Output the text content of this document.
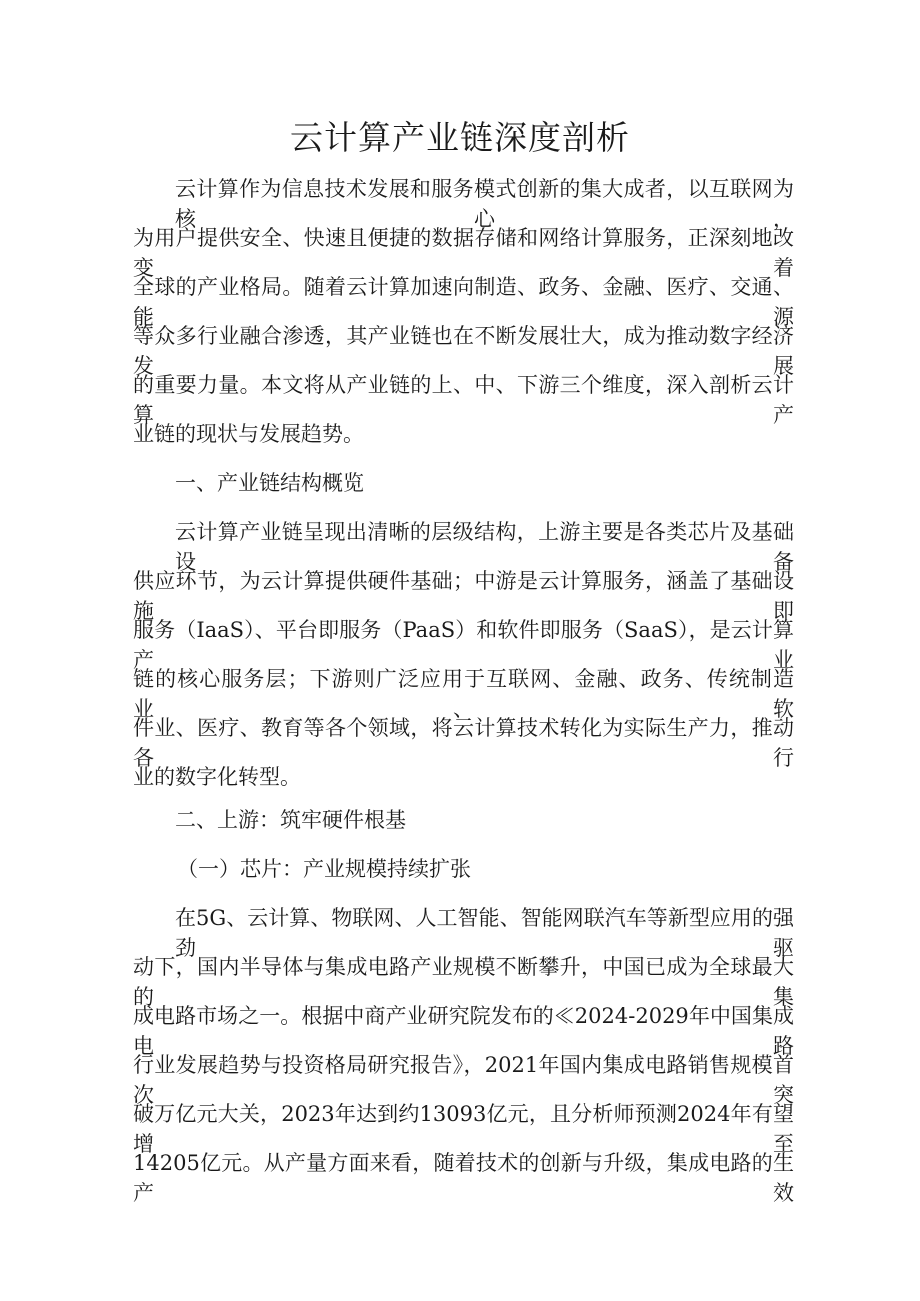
云计算产业链深度剖析

云计算作为信息技术发展和服务模式创新的集大成者，以互联网为核心，

为用户提供安全、快速且便捷的数据存储和网络计算服务，正深刻地改变着

全球的产业格局。随着云计算加速向制造、政务、金融、医疗、交通、能源

等众多行业融合渗透，其产业链也在不断发展壮大，成为推动数字经济发展

的重要力量。本文将从产业链的上、中、下游三个维度，深入剖析云计算产

业链的现状与发展趋势。

一、产业链结构概览

云计算产业链呈现出清晰的层级结构，上游主要是各类芯片及基础设备

供应环节，为云计算提供硬件基础；中游是云计算服务，涵盖了基础设施即

服务（IaaS）、平台即服务（PaaS）和软件即服务（SaaS），是云计算产业

链的核心服务层；下游则广泛应用于互联网、金融、政务、传统制造业、软

件业、医疗、教育等各个领域，将云计算技术转化为实际生产力，推动各行

业的数字化转型。

二、上游：筑牢硬件根基

（一）芯片：产业规模持续扩张

在5G、云计算、物联网、人工智能、智能网联汽车等新型应用的强劲驱

动下，国内半导体与集成电路产业规模不断攀升，中国已成为全球最大的集

成电路市场之一。根据中商产业研究院发布的≪2024-2029年中国集成电路

行业发展趋势与投资格局研究报告》，2021年国内集成电路销售规模首次突

破万亿元大关，2023年达到约13093亿元，且分析师预测2024年有望增至

14205亿元。从产量方面来看，随着技术的创新与升级，集成电路的生产效
